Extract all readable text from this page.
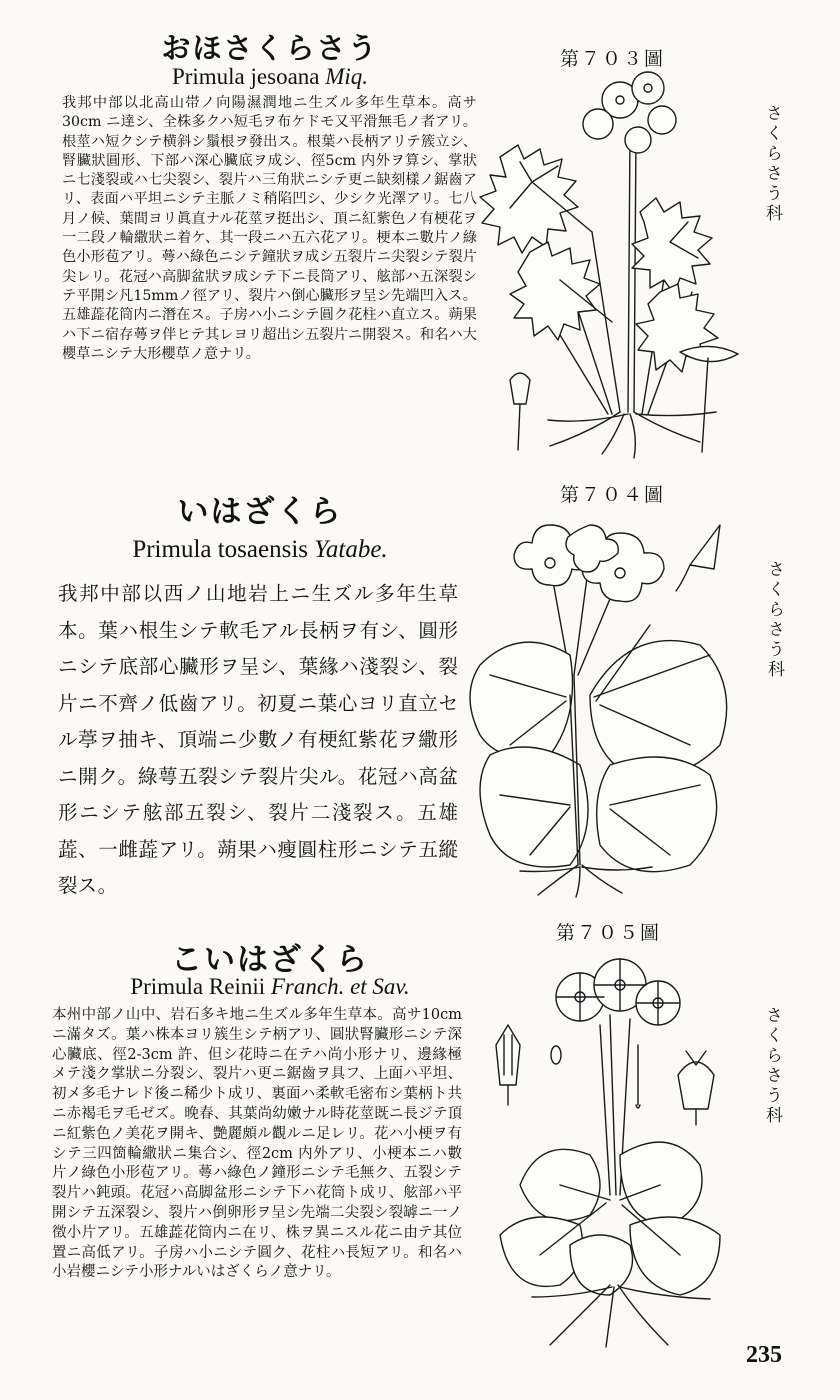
おほさくらさう
Primula jesoana Miq.

我邦中部以北高山帯ノ向陽濕潤地ニ生ズル多年生草本。高サ30cm ニ達シ、全株多クハ短毛ヲ布ケドモ又平滑無毛ノ者アリ。根莖ハ短クシテ横斜シ鬚根ヲ發出ス。根葉ハ長柄アリテ簇立シ、腎臟狀圓形、下部ハ深心臟底ヲ成シ、徑5cm 内外ヲ算シ、掌狀ニ七淺裂或ハ七尖裂シ、裂片ハ三角狀ニシテ更ニ缺刻樣ノ鋸齒アリ、表面ハ平坦ニシテ主脈ノミ稍陷凹シ、少シク光澤アリ。七八月ノ候、葉間ヨリ眞直ナル花莖ヲ挺出シ、頂ニ紅紫色ノ有梗花ヲ一二段ノ輪繖狀ニ着ケ、其一段ニハ五六花アリ。梗本ニ數片ノ綠色小形苞アリ。蕚ハ綠色ニシテ鐘狀ヲ成シ五裂片ニ尖裂シテ裂片尖レリ。花冠ハ高脚盆狀ヲ成シテ下ニ長筒アリ、舷部ハ五深裂シテ平開シ凡15mmノ徑アリ、裂片ハ倒心臟形ヲ呈シ先端凹入ス。五雄蕋花筒内ニ潛在ス。子房ハ小ニシテ圓ク花柱ハ直立ス。蒴果ハ下ニ宿存蕚ヲ伴ヒテ其レヨリ超出シ五裂片ニ開裂ス。和名ハ大櫻草ニシテ大形櫻草ノ意ナリ。

第７０３圖
さくらさう科
いはざくら
Primula tosaensis Yatabe.

我邦中部以西ノ山地岩上ニ生ズル多年生草本。葉ハ根生シテ軟毛アル長柄ヲ有シ、圓形ニシテ底部心臟形ヲ呈シ、葉緣ハ淺裂シ、裂片ニ不齊ノ低齒アリ。初夏ニ葉心ヨリ直立セル葶ヲ抽キ、頂端ニ少數ノ有梗紅紫花ヲ繖形ニ開ク。綠萼五裂シテ裂片尖ル。花冠ハ高盆形ニシテ舷部五裂シ、裂片二淺裂ス。五雄蕋、一雌蕋アリ。蒴果ハ瘦圓柱形ニシテ五縱裂ス。

第７０４圖
さくらさう科
第７０５圖
こいはざくら
Primula Reinii Franch. et Sav.

本州中部ノ山中、岩石多キ地ニ生ズル多年生草本。高サ10cm ニ滿タズ。葉ハ株本ヨリ簇生シテ柄アリ、圓狀腎臟形ニシテ深心臟底、徑2-3cm 許、但シ花時ニ在テハ尚小形ナリ、邊緣極メテ淺ク掌狀ニ分裂シ、裂片ハ更ニ鋸齒ヲ具フ、上面ハ平坦、初メ多毛ナレド後ニ稀少ト成リ、裏面ハ柔軟毛密布シ葉柄ト共ニ赤褐毛ヲ毛ゼズ。晚春、其葉尚幼嫩ナル時花莖既ニ長ジテ頂ニ紅紫色ノ美花ヲ開キ、艶麗頗ル觀ルニ足レリ。花ハ小梗ヲ有シテ三四箇輪繖狀ニ集合シ、徑2cm 内外アリ、小梗本ニハ數片ノ綠色小形苞アリ。蕚ハ綠色ノ鐘形ニシテ毛無ク、五裂シテ裂片ハ鈍頭。花冠ハ高脚盆形ニシテ下ハ花筒ト成リ、舷部ハ平開シテ五深裂シ、裂片ハ倒卵形ヲ呈シ先端二尖裂シ裂罅ニ一ノ徵小片アリ。五雄蕋花筒内ニ在リ、株ヲ異ニスル花ニ由テ其位置ニ高低アリ。子房ハ小ニシテ圓ク、花柱ハ長短アリ。和名ハ小岩櫻ニシテ小形ナルいはざくらノ意ナリ。

さくらさう科
235
